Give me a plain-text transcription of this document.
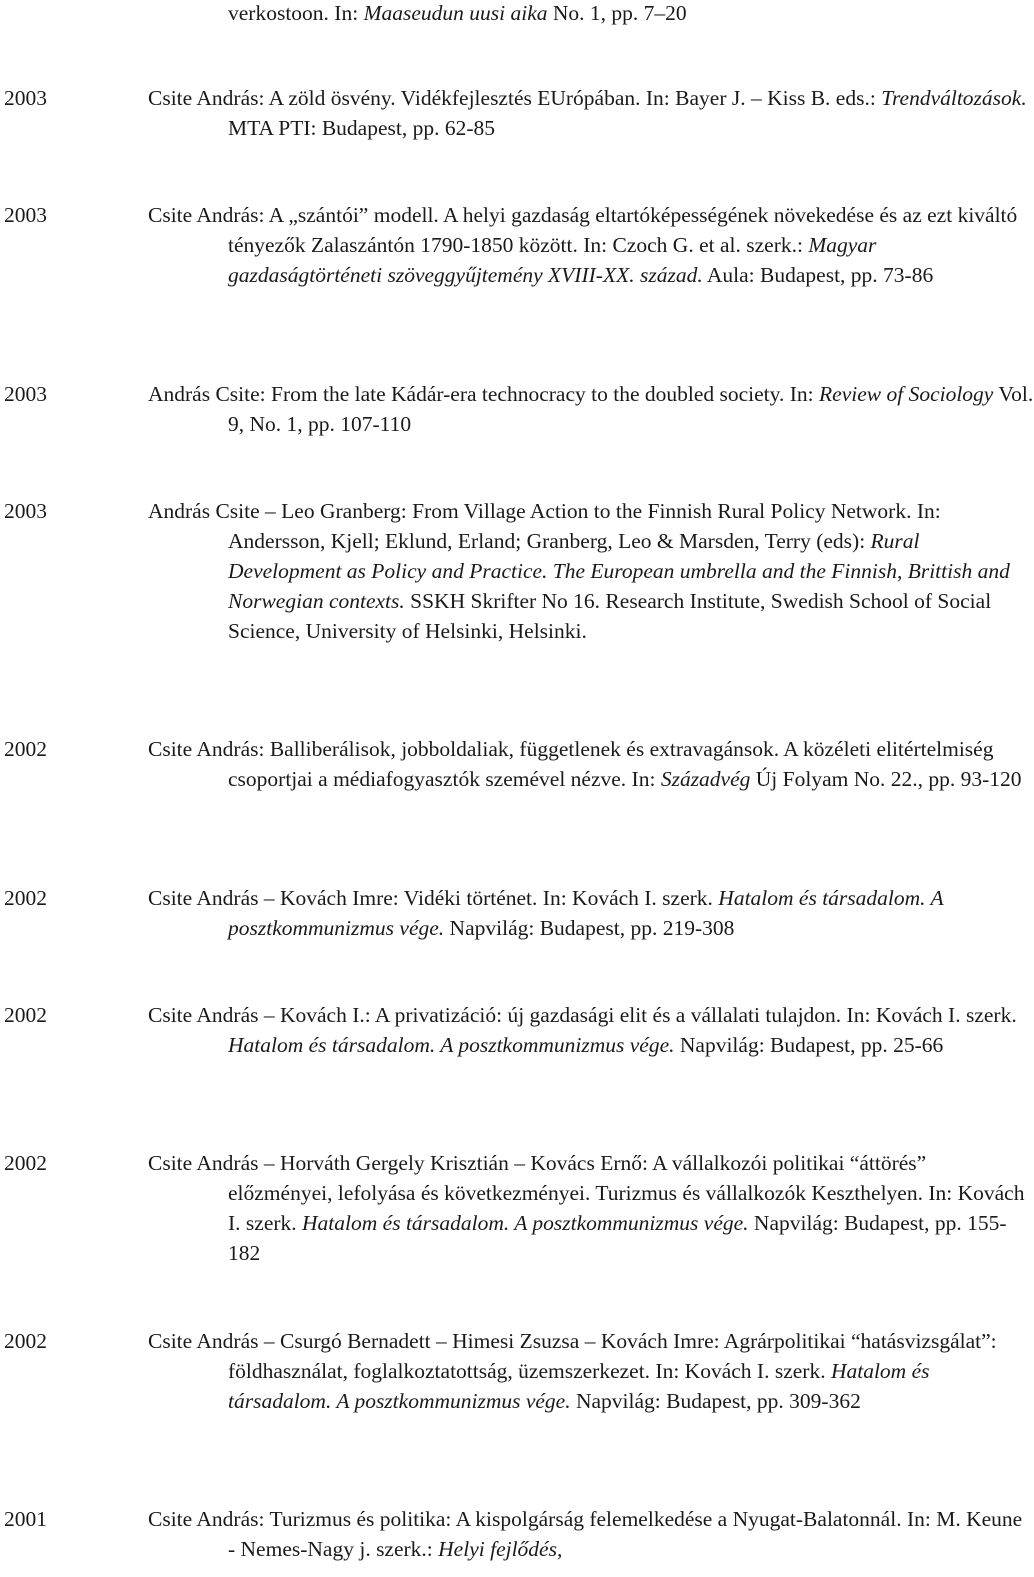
verkostoon. In: Maaseudun uusi aika No. 1, pp. 7–20
2003	Csite András: A zöld ösvény. Vidékfejlesztés EUrópában. In: Bayer J. – Kiss B. eds.: Trendváltozások. MTA PTI: Budapest, pp. 62-85
2003	Csite András: A „szántói” modell. A helyi gazdaság eltartóképességének növekedése és az ezt kiváltó tényezők Zalaszántón 1790-1850 között. In: Czoch G. et al. szerk.: Magyar gazdaságtörténeti szöveggyűjtemény XVIII-XX. század. Aula: Budapest, pp. 73-86
2003	András Csite: From the late Kádár-era technocracy to the doubled society. In: Review of Sociology Vol. 9, No. 1, pp. 107-110
2003	András Csite – Leo Granberg: From Village Action to the Finnish Rural Policy Network. In: Andersson, Kjell; Eklund, Erland; Granberg, Leo & Marsden, Terry (eds): Rural Development as Policy and Practice. The European umbrella and the Finnish, Brittish and Norwegian contexts. SSKH Skrifter No 16. Research Institute, Swedish School of Social Science, University of Helsinki, Helsinki.
2002	Csite András: Balliberálisok, jobboldaliak, függetlenek és extravagánsok. A közéleti elitértelmiség csoportjai a médiafogyasztók szemével nézve. In: Századvég Új Folyam No. 22., pp. 93-120
2002	Csite András – Kovách Imre: Vidéki történet. In: Kovách I. szerk. Hatalom és társadalom. A posztkommunizmus vége. Napvilág: Budapest, pp. 219-308
2002	Csite András – Kovách I.: A privatizáció: új gazdasági elit és a vállalati tulajdon. In: Kovách I. szerk. Hatalom és társadalom. A posztkommunizmus vége. Napvilág: Budapest, pp. 25-66
2002	Csite András – Horváth Gergely Krisztián – Kovács Ernő: A vállalkozói politikai “áttörés” előzményei, lefolyása és következményei. Turizmus és vállalkozók Keszthelyen. In: Kovách I. szerk. Hatalom és társadalom. A posztkommunizmus vége. Napvilág: Budapest, pp. 155-182
2002	Csite András – Csurgó Bernadett – Himesi Zsuzsa – Kovách Imre: Agrárpolitikai “hatásvizsgálat”: földhasználat, foglalkoztatottság, üzemszerkezet. In: Kovách I. szerk. Hatalom és társadalom. A posztkommunizmus vége. Napvilág: Budapest, pp. 309-362
2001	Csite András: Turizmus és politika: A kispolgárság felemelkedése a Nyugat-Balatonnál. In: M. Keune - Nemes-Nagy j. szerk.: Helyi fejlődés,
